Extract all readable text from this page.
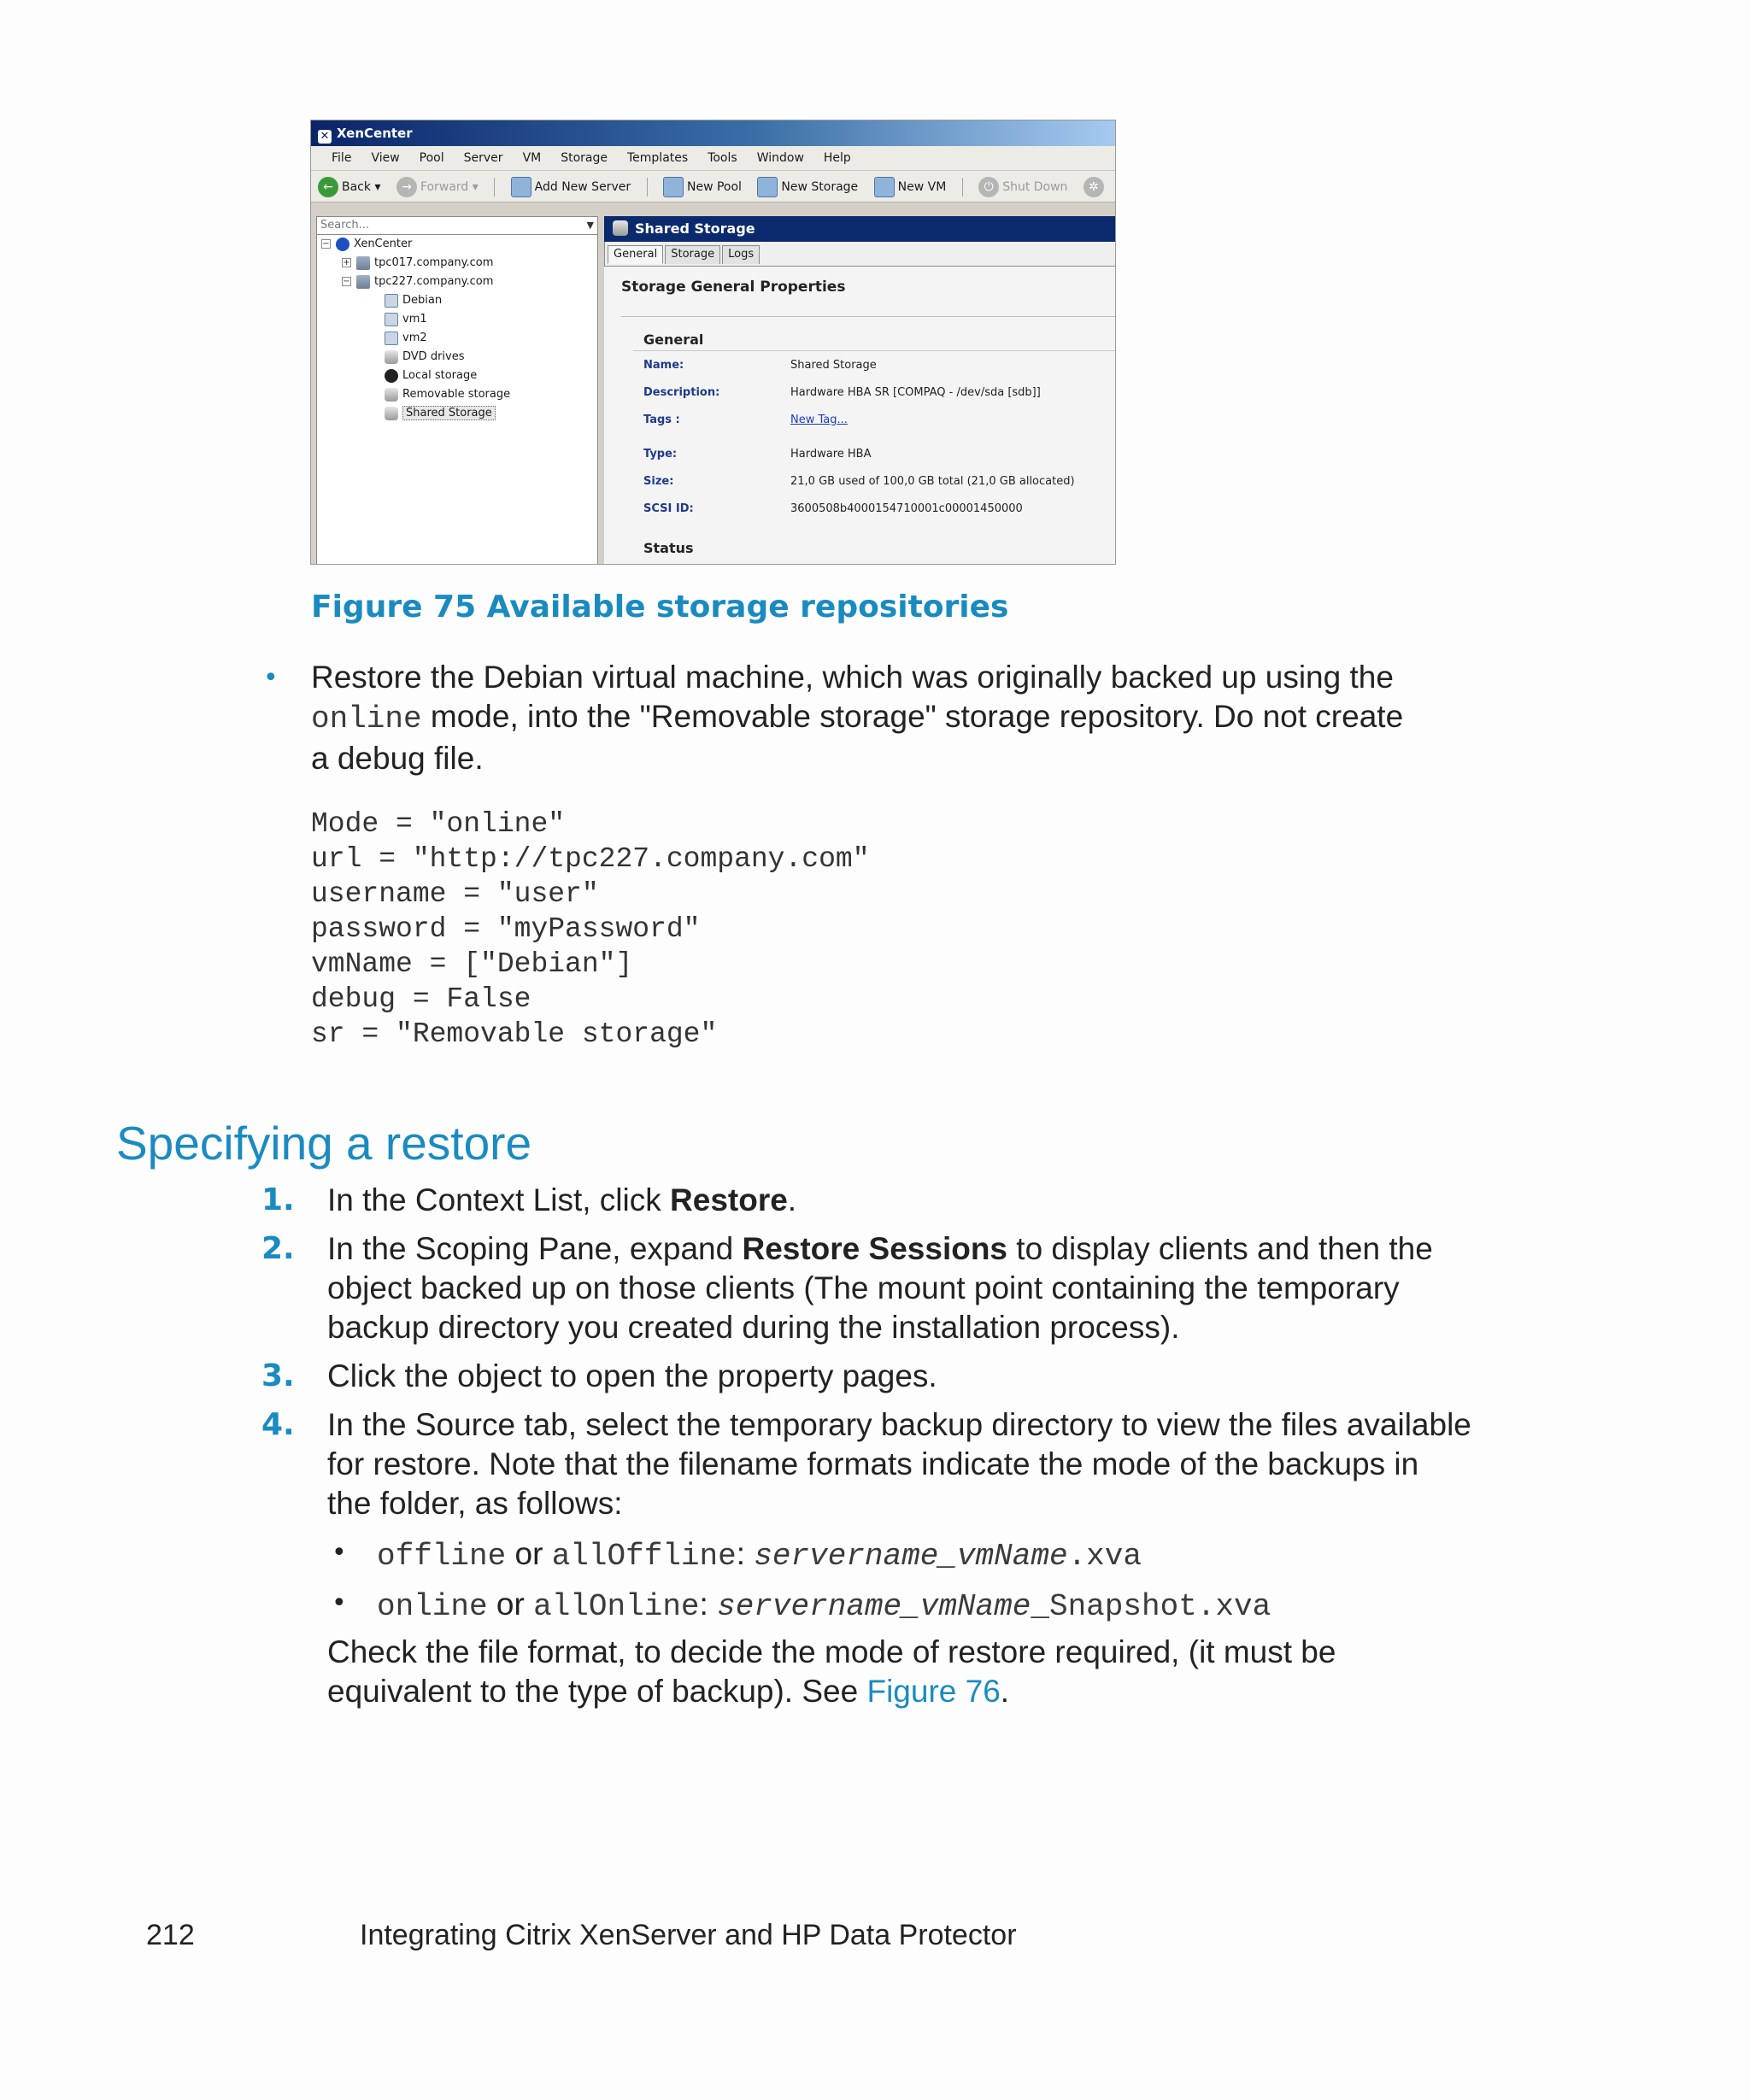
✕ XenCenter
File View Pool Server VM Storage Templates Tools Window Help
← Back ▾ → Forward ▾	Add New Server	New Pool	New Storage	New VM	⏻ Shut Down ✲
Search...	▼
− XenCenter
+ tpc017.company.com
− tpc227.company.com
Debian
vm1
vm2
DVD drives
Local storage
Removable storage
Shared Storage
Shared Storage
General Storage Logs
Storage General Properties
General
Name:	Shared Storage
Description:	Hardware HBA SR [COMPAQ - /dev/sda [sdb]]
Tags :	New Tag...
Type:	Hardware HBA
Size:	21,0 GB used of 100,0 GB total (21,0 GB allocated)
SCSI ID:	3600508b4000154710001c00001450000
Status
Figure 75 Available storage repositories
• Restore the Debian virtual machine, which was originally backed up using the
online mode, into the "Removable storage" storage repository. Do not create
a debug file.
Mode = "online"
url = "http://tpc227.company.com"
username = "user"
password = "myPassword"
vmName = ["Debian"]
debug = False
sr = "Removable storage"
Specifying a restore
1. In the Context List, click Restore.
2. In the Scoping Pane, expand Restore Sessions to display clients and then the
object backed up on those clients (The mount point containing the temporary
backup directory you created during the installation process).
3. Click the object to open the property pages.
4. In the Source tab, select the temporary backup directory to view the files available
for restore. Note that the filename formats indicate the mode of the backups in
the folder, as follows:
• offline or allOffline: servername_vmName.xva
• online or allOnline: servername_vmName_Snapshot.xva
Check the file format, to decide the mode of restore required, (it must be
equivalent to the type of backup). See Figure 76.
212	Integrating Citrix XenServer and HP Data Protector
